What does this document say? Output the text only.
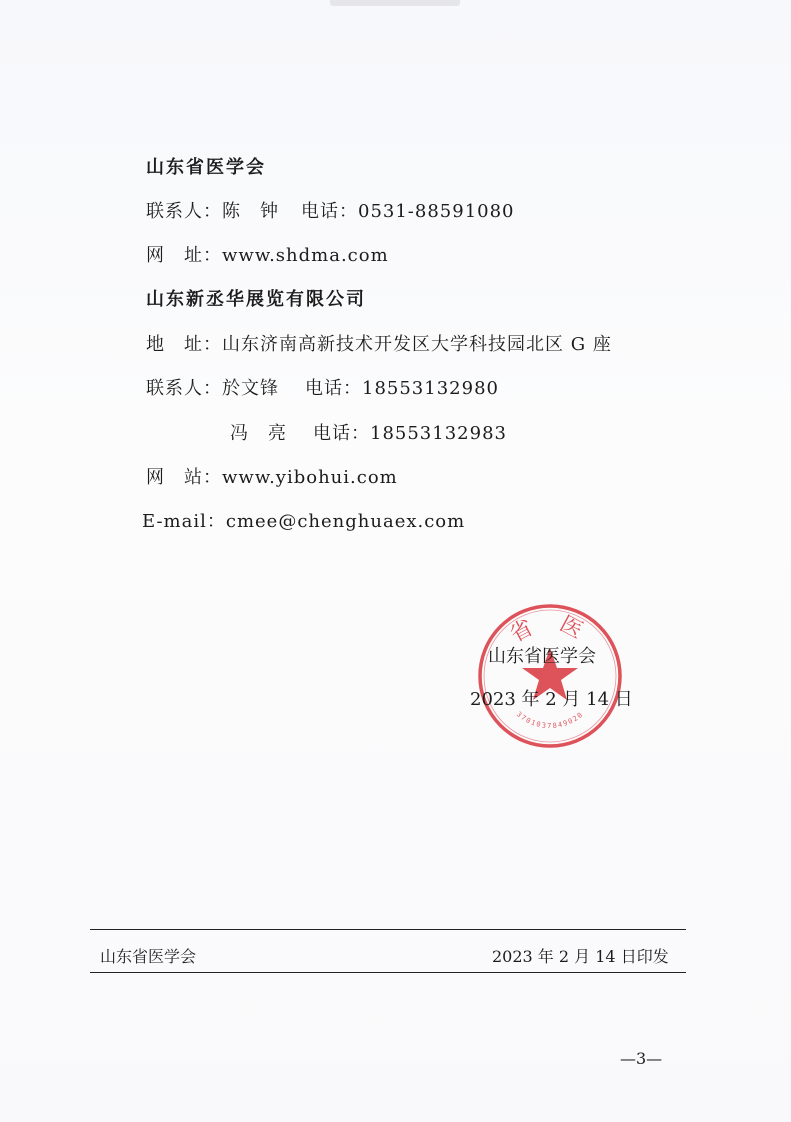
山东省医学会
联系人：陈　钟 电话：0531-88591080
网　址：www.shdma.com
山东新丞华展览有限公司
地　址：山东济南高新技术开发区大学科技园北区 G 座
联系人：於文锋 电话：18553132980
冯　亮 电话：18553132983
网　站：www.yibohui.com
E-mail：cmee@chenghuaex.com
省 医
3701037849020
山东省医学会
2023 年 2 月 14 日
山东省医学会	2023 年 2 月 14 日印发
—3—
